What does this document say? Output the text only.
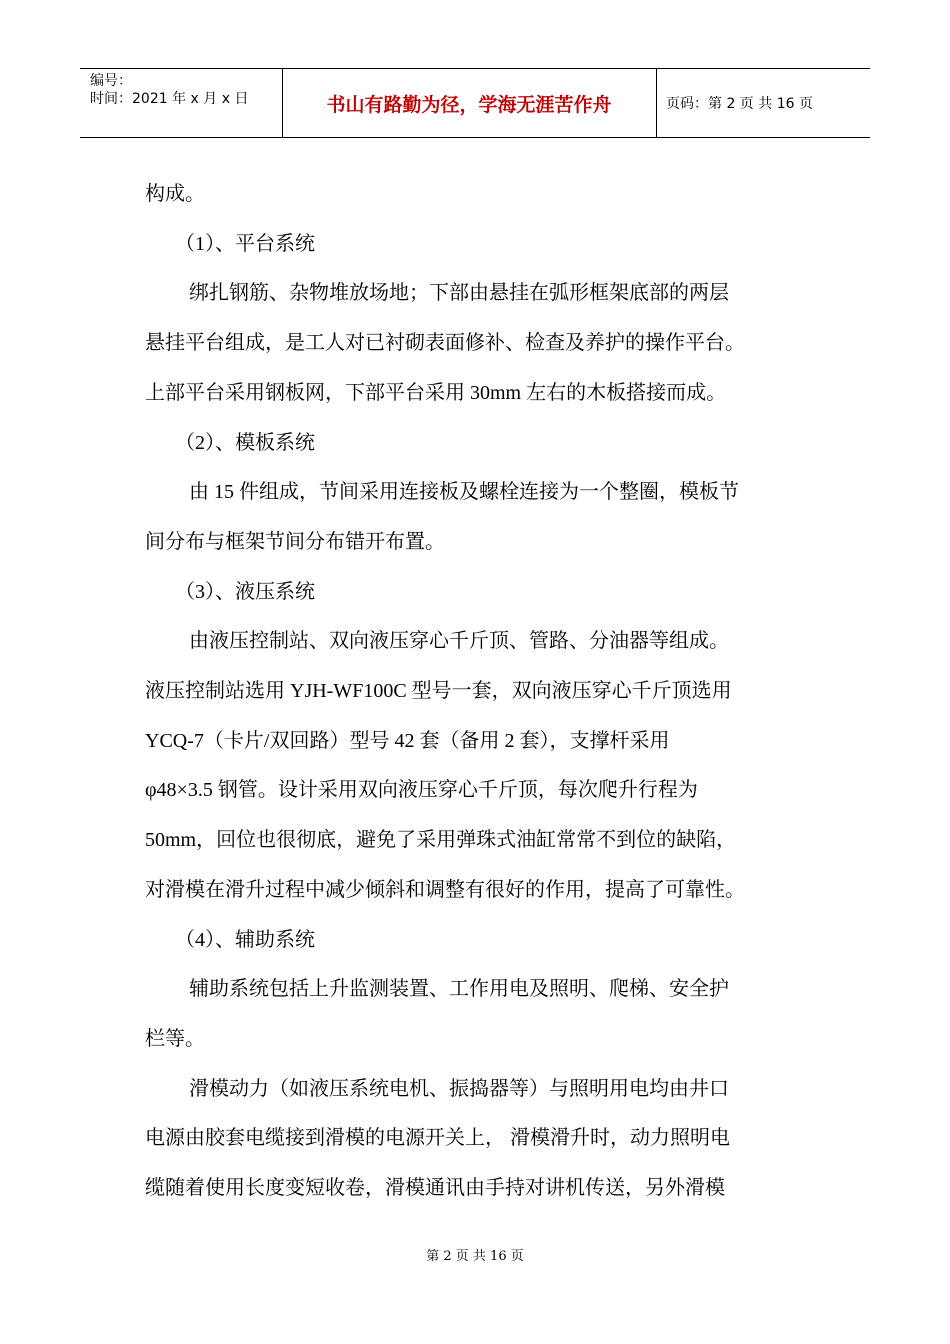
编号：
时间：2021 年 x 月 x 日	书山有路勤为径，学海无涯苦作舟	页码：第 2 页 共 16 页

构成。

（1）、平台系统

绑扎钢筋、杂物堆放场地；下部由悬挂在弧形框架底部的两层

悬挂平台组成，是工人对已衬砌表面修补、检查及养护的操作平台。

上部平台采用钢板网，下部平台采用 30mm 左右的木板搭接而成。

（2）、模板系统

由 15 件组成，节间采用连接板及螺栓连接为一个整圈，模板节

间分布与框架节间分布错开布置。

（3）、液压系统

由液压控制站、双向液压穿心千斤顶、管路、分油器等组成。

液压控制站选用 YJH-WF100C 型号一套，双向液压穿心千斤顶选用

YCQ-7（卡片/双回路）型号 42 套（备用 2 套），支撑杆采用

φ48×3.5 钢管。设计采用双向液压穿心千斤顶，每次爬升行程为

50mm，回位也很彻底，避免了采用弹珠式油缸常常不到位的缺陷，

对滑模在滑升过程中减少倾斜和调整有很好的作用，提高了可靠性。

（4）、辅助系统

辅助系统包括上升监测装置、工作用电及照明、爬梯、安全护

栏等。

滑模动力（如液压系统电机、振捣器等）与照明用电均由井口

电源由胶套电缆接到滑模的电源开关上， 滑模滑升时，动力照明电

缆随着使用长度变短收卷，滑模通讯由手持对讲机传送，另外滑模

第 2 页 共 16 页
